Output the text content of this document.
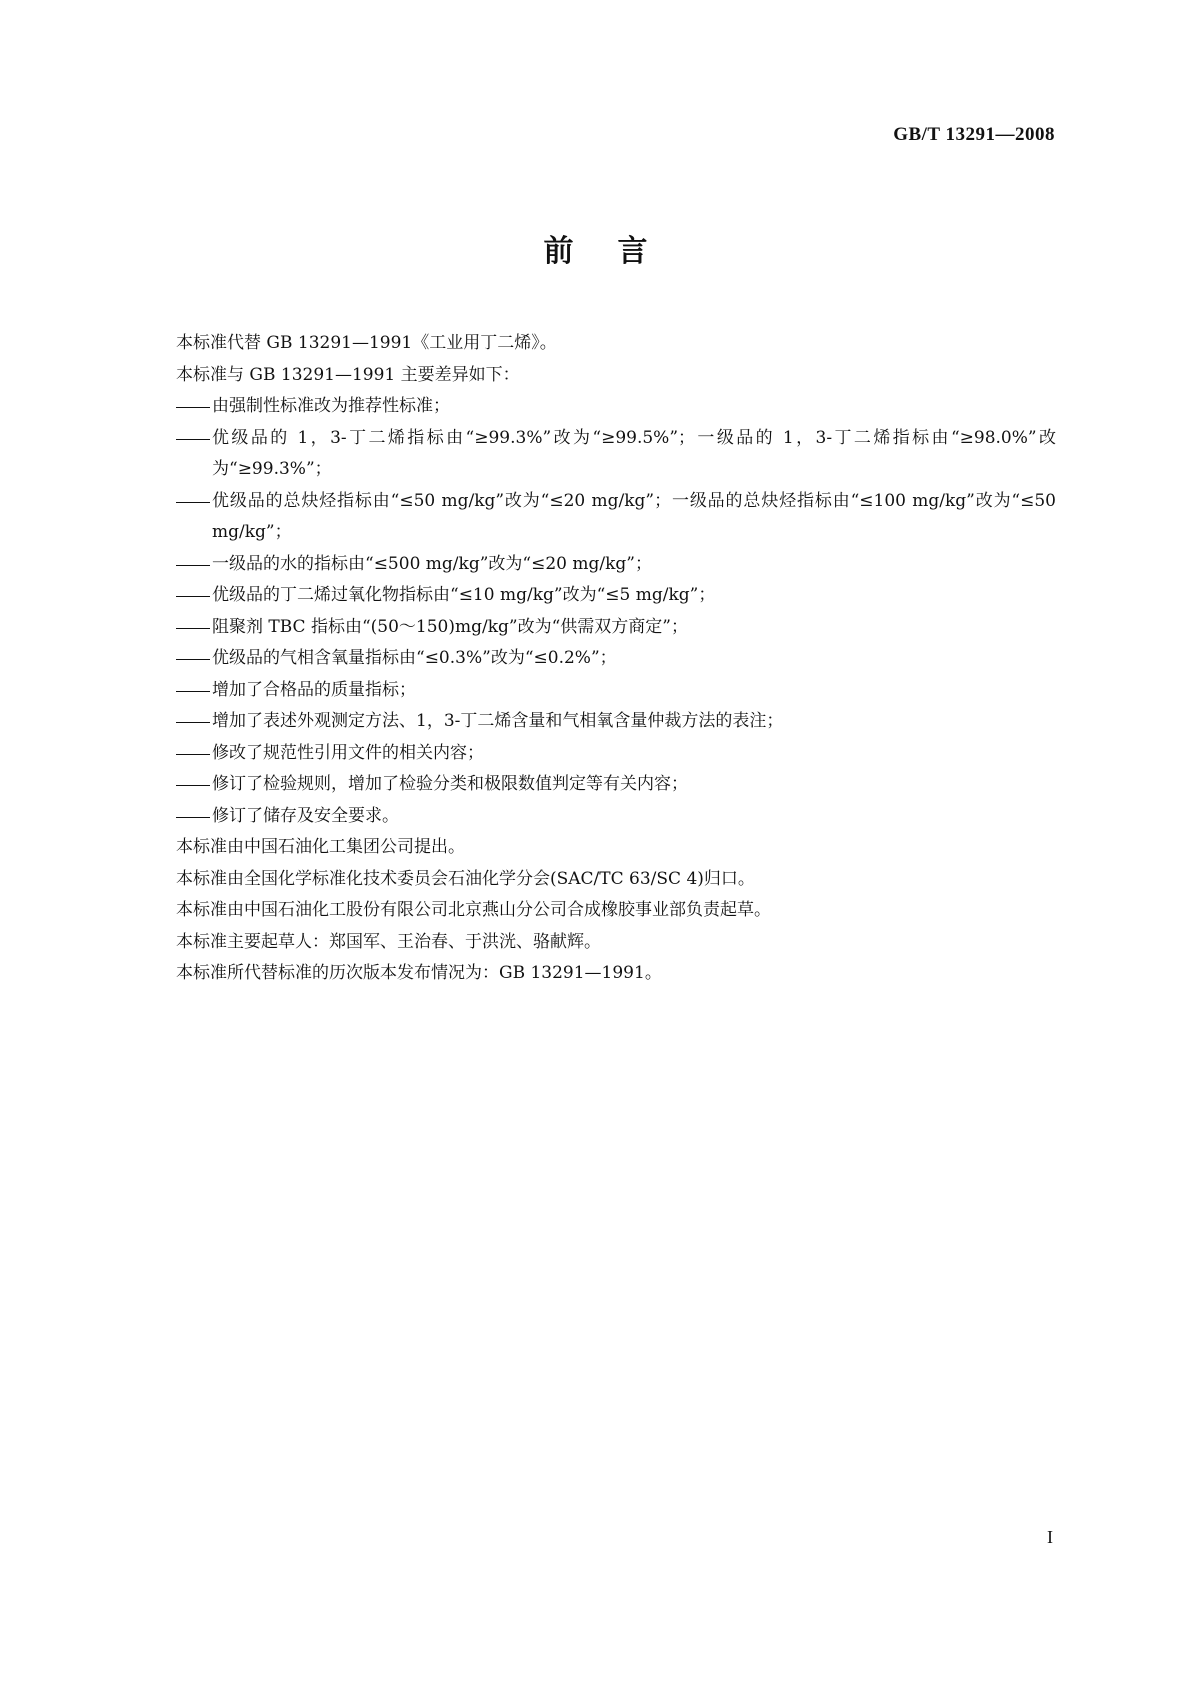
GB/T 13291—2008
前言
本标准代替 GB 13291—1991《工业用丁二烯》。
本标准与 GB 13291—1991 主要差异如下：
由强制性标准改为推荐性标准；
优级品的 1，3-丁二烯指标由“≥99.3%”改为“≥99.5%”；一级品的 1，3-丁二烯指标由“≥98.0%”改为“≥99.3%”；
优级品的总炔烃指标由“≤50 mg/kg”改为“≤20 mg/kg”；一级品的总炔烃指标由“≤100 mg/kg”改为“≤50 mg/kg”；
一级品的水的指标由“≤500 mg/kg”改为“≤20 mg/kg”；
优级品的丁二烯过氧化物指标由“≤10 mg/kg”改为“≤5 mg/kg”；
阻聚剂 TBC 指标由“(50～150)mg/kg”改为“供需双方商定”；
优级品的气相含氧量指标由“≤0.3%”改为“≤0.2%”；
增加了合格品的质量指标；
增加了表述外观测定方法、1，3-丁二烯含量和气相氧含量仲裁方法的表注；
修改了规范性引用文件的相关内容；
修订了检验规则，增加了检验分类和极限数值判定等有关内容；
修订了储存及安全要求。
本标准由中国石油化工集团公司提出。
本标准由全国化学标准化技术委员会石油化学分会(SAC/TC 63/SC 4)归口。
本标准由中国石油化工股份有限公司北京燕山分公司合成橡胶事业部负责起草。
本标准主要起草人：郑国军、王治春、于洪洸、骆献辉。
本标准所代替标准的历次版本发布情况为：GB 13291—1991。
I
